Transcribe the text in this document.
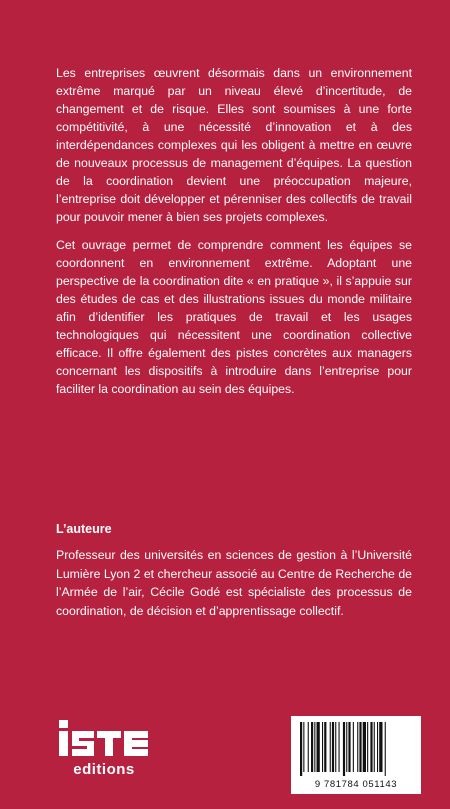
Les entreprises œuvrent désormais dans un environnement extrême marqué par un niveau élevé d’incertitude, de changement et de risque. Elles sont soumises à une forte compétitivité, à une nécessité d’innovation et à des interdépendances complexes qui les obligent à mettre en œuvre de nouveaux processus de management d’équipes. La question de la coordination devient une préoccupation majeure, l’entreprise doit développer et pérenniser des collectifs de travail pour pouvoir mener à bien ses projets complexes.

Cet ouvrage permet de comprendre comment les équipes se coordonnent en environnement extrême. Adoptant une perspective de la coordination dite « en pratique », il s’appuie sur des études de cas et des illustrations issues du monde militaire afin d’identifier les pratiques de travail et les usages technologiques qui nécessitent une coordination collective efficace. Il offre également des pistes concrètes aux managers concernant les dispositifs à introduire dans l’entreprise pour faciliter la coordination au sein des équipes.

L’auteure

Professeur des universités en sciences de gestion à l’Université Lumière Lyon 2 et chercheur associé au Centre de Recherche de l’Armée de l’air, Cécile Godé est spécialiste des processus de coordination, de décision et d’apprentissage collectif.

editions
9 781784 051143
